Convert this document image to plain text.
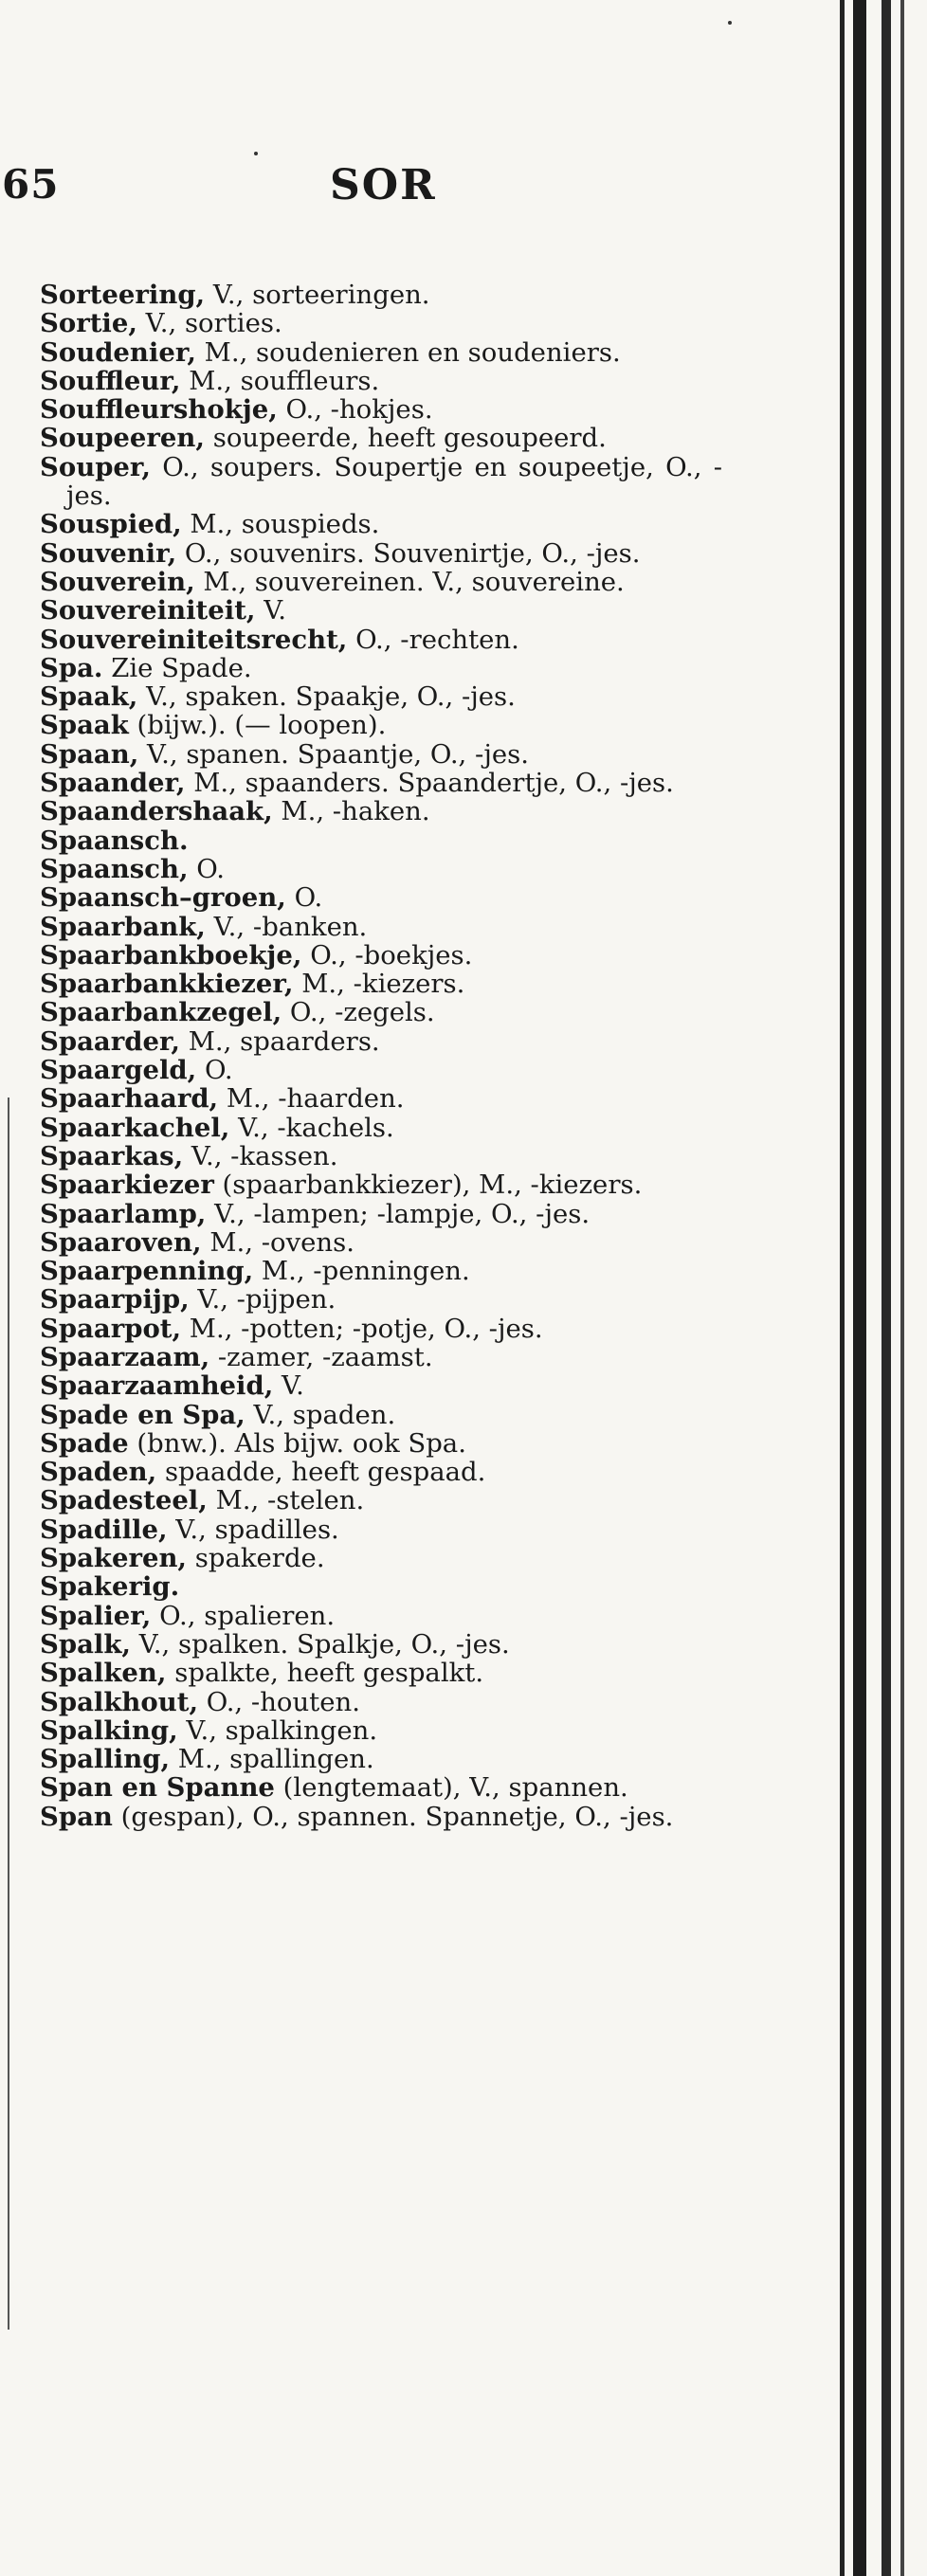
65	SOR
Sorteering, V., sorteeringen.
Sortie, V., sorties.
Soudenier, M., soudenieren en soudeniers.
Souffleur, M., souffleurs.
Souffleurshokje, O., -hokjes.
Soupeeren, soupeerde, heeft gesoupeerd.
Souper, O., soupers. Soupertje en soupeetje, O., -jes.
Souspied, M., souspieds.
Souvenir, O., souvenirs. Souvenirtje, O., -jes.
Souverein, M., souvereinen. V., souvereine.
Souvereiniteit, V.
Souvereiniteitsrecht, O., -rechten.
Spa. Zie Spade.
Spaak, V., spaken. Spaakje, O., -jes.
Spaak (bijw.). (— loopen).
Spaan, V., spanen. Spaantje, O., -jes.
Spaander, M., spaanders. Spaandertje, O., -jes.
Spaandershaak, M., -haken.
Spaansch.
Spaansch, O.
Spaansch–groen, O.
Spaarbank, V., -banken.
Spaarbankboekje, O., -boekjes.
Spaarbankkiezer, M., -kiezers.
Spaarbankzegel, O., -zegels.
Spaarder, M., spaarders.
Spaargeld, O.
Spaarhaard, M., -haarden.
Spaarkachel, V., -kachels.
Spaarkas, V., -kassen.
Spaarkiezer (spaarbankkiezer), M., -kiezers.
Spaarlamp, V., -lampen; -lampje, O., -jes.
Spaaroven, M., -ovens.
Spaarpenning, M., -penningen.
Spaarpijp, V., -pijpen.
Spaarpot, M., -potten; -potje, O., -jes.
Spaarzaam, -zamer, -zaamst.
Spaarzaamheid, V.
Spade en Spa, V., spaden.
Spade (bnw.). Als bijw. ook Spa.
Spaden, spaadde, heeft gespaad.
Spadesteel, M., -stelen.
Spadille, V., spadilles.
Spakeren, spakerde.
Spakerig.
Spalier, O., spalieren.
Spalk, V., spalken. Spalkje, O., -jes.
Spalken, spalkte, heeft gespalkt.
Spalkhout, O., -houten.
Spalking, V., spalkingen.
Spalling, M., spallingen.
Span en Spanne (lengtemaat), V., spannen.
Span (gespan), O., spannen. Spannetje, O., -jes.
